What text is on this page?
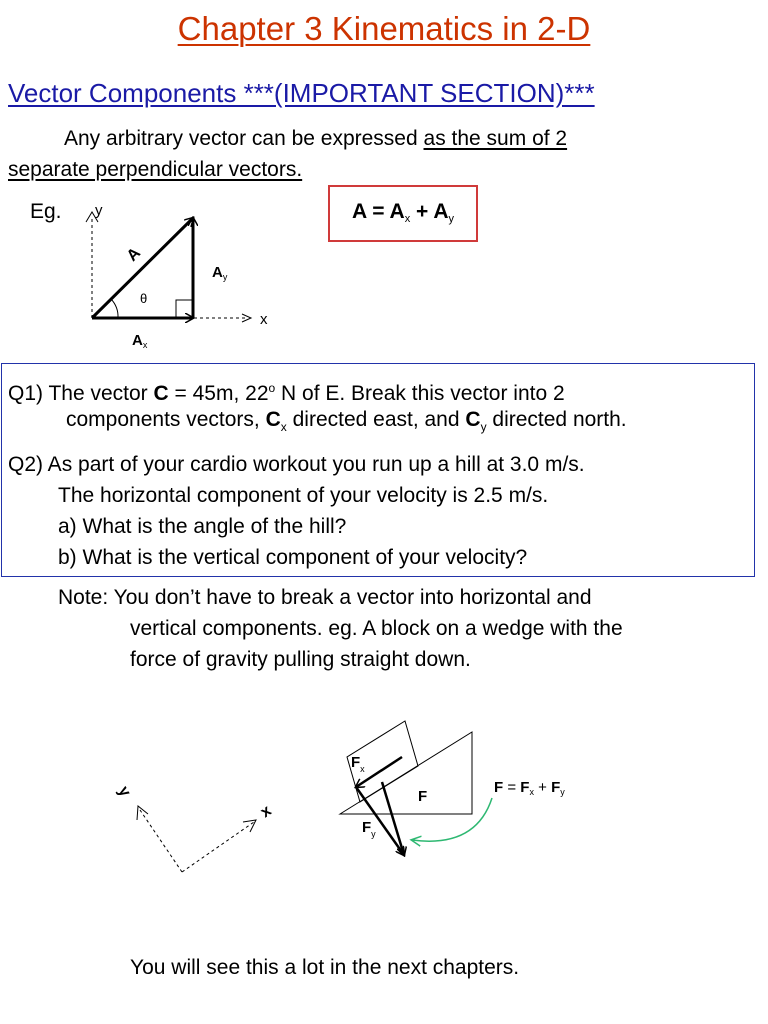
Chapter 3 Kinematics in 2-D
Vector Components ***(IMPORTANT SECTION)***
Any arbitrary vector can be expressed as the sum of 2
separate perpendicular vectors.
Eg.	$A = A_x + A_y$
y
x
A
θ
$A_y$
$A_x$
y
x
$F_x$
F
$F_y$
$F = F_x + F_y$
Q1) The vector C = 45m, 22$^o$ N of E. Break this vector into 2
components vectors, $C_x$ directed east, and $C_y$ directed north.
Q2) As part of your cardio workout you run up a hill at 3.0 m/s.
The horizontal component of your velocity is 2.5 m/s.
a) What is the angle of the hill?
b) What is the vertical component of your velocity?
Note: You don’t have to break a vector into horizontal and
vertical components. eg. A block on a wedge with the
force of gravity pulling straight down.
You will see this a lot in the next chapters.
